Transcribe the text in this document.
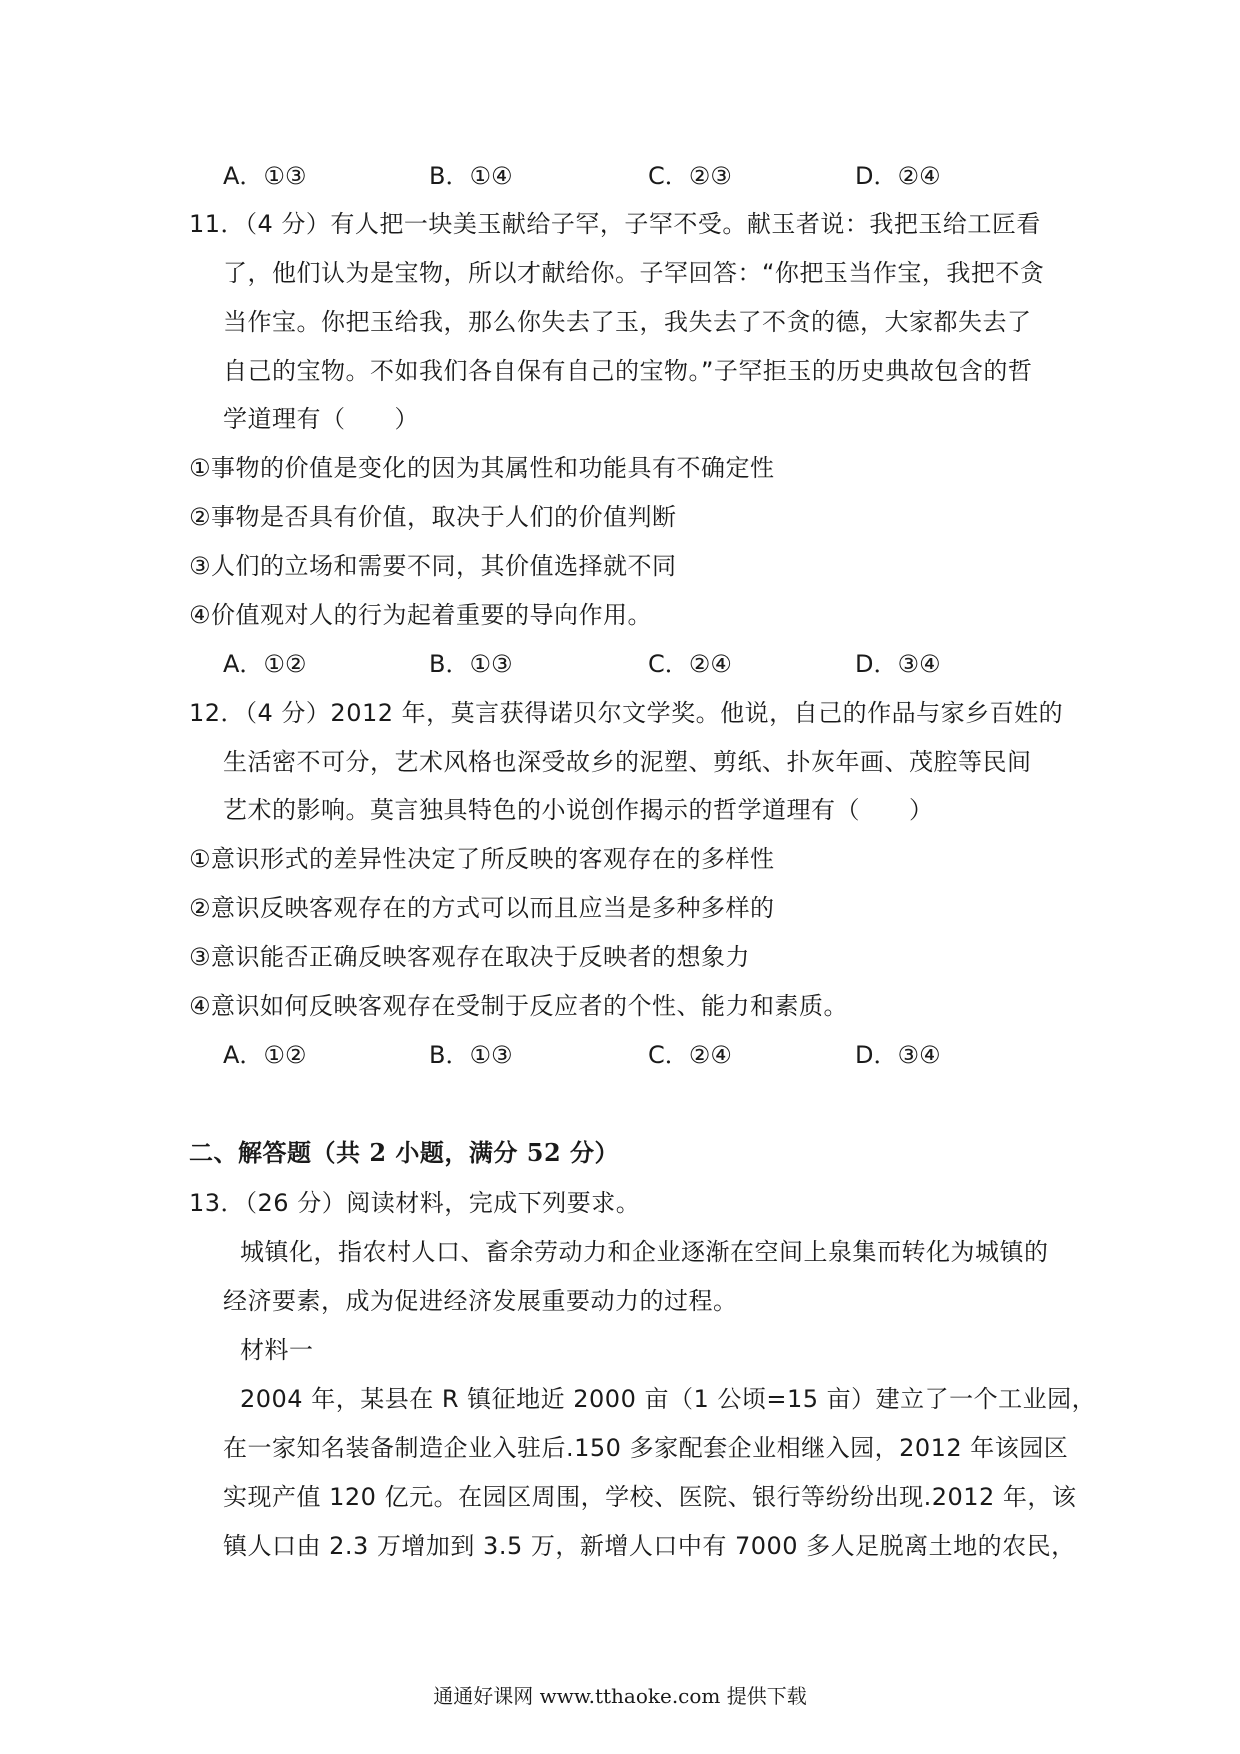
A．①③	B．①④	C．②③	D．②④
11．（4 分）有人把一块美玉献给子罕，子罕不受。献玉者说：我把玉给工匠看
了，他们认为是宝物，所以才献给你。子罕回答：“你把玉当作宝，我把不贪
当作宝。你把玉给我，那么你失去了玉，我失去了不贪的德，大家都失去了
自己的宝物。不如我们各自保有自己的宝物。”子罕拒玉的历史典故包含的哲
学道理有（　　）
①事物的价值是变化的因为其属性和功能具有不确定性
②事物是否具有价值，取决于人们的价值判断
③人们的立场和需要不同，其价值选择就不同
④价值观对人的行为起着重要的导向作用。
A．①②	B．①③	C．②④	D．③④
12．（4 分）2012 年，莫言获得诺贝尔文学奖。他说，自己的作品与家乡百姓的
生活密不可分，艺术风格也深受故乡的泥塑、剪纸、扑灰年画、茂腔等民间
艺术的影响。莫言独具特色的小说创作揭示的哲学道理有（　　）
①意识形式的差异性决定了所反映的客观存在的多样性
②意识反映客观存在的方式可以而且应当是多种多样的
③意识能否正确反映客观存在取决于反映者的想象力
④意识如何反映客观存在受制于反应者的个性、能力和素质。
A．①②	B．①③	C．②④	D．③④
二、解答题（共 2 小题，满分 52 分）
13．（26 分）阅读材料，完成下列要求。
城镇化，指农村人口、畜余劳动力和企业逐渐在空间上泉集而转化为城镇的
经济要素，成为促进经济发展重要动力的过程。
材料一
2004 年，某县在 R 镇征地近 2000 亩（1 公顷=15 亩）建立了一个工业园，
在一家知名装备制造企业入驻后.150 多家配套企业相继入园，2012 年该园区
实现产值 120 亿元。在园区周围，学校、医院、银行等纷纷出现.2012 年，该
镇人口由 2.3 万增加到 3.5 万，新增人口中有 7000 多人足脱离土地的农民，
通通好课网 www.tthaoke.com 提供下载
